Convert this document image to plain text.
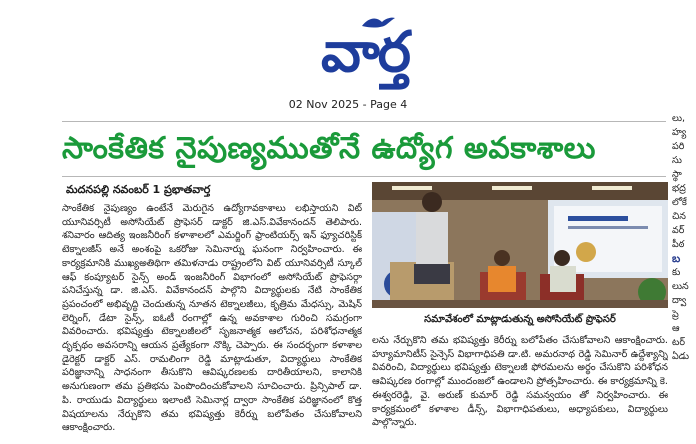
వార్త
02 Nov 2025 - Page 4
సాంకేతిక నైపుణ్యముతోనే ఉద్యోగ అవకాశాలు
మదనపల్లి నవంబర్ 1 ప్రభాతవార్త

సాంకేతిక నైపుణ్యం ఉంటేనే మెరుగైన ఉద్యోగావకాశాలు లభిస్తాయని విట్ యూనివర్సిటీ అసోసియేట్ ప్రొఫెసర్ డాక్టర్ జి.ఎస్.వివేకానందన్ తెలిపారు. శనివారం ఆదిత్య ఇంజనీరింగ్ కళాశాలలో ఎమర్జింగ్ ఫ్రాంటియర్స్ ఇన్ ఫ్యూచరిస్టిక్ టెక్నాలజీస్ అనే అంశంపై ఒకరోజు సెమినార్ను ఘనంగా నిర్వహించారు. ఈ కార్యక్రమానికి ముఖ్యఅతిథిగా తమిళనాడు రాష్ట్రంలోని విట్ యూనివర్సిటీ స్కూల్ ఆఫ్ కంప్యూటర్ సైన్స్ అండ్ ఇంజనీరింగ్ విభాగంలో అసోసియేట్ ప్రొఫెసర్గా పనిచేస్తున్న డా. జి.ఎస్. వివేకానందన్ పాల్గొని విద్యార్థులకు నేటి సాంకేతిక ప్రపంచంలో అభివృద్ధి చెందుతున్న నూతన టెక్నాలజీలు, కృత్రిమ మేధస్సు, మెషిన్ లెర్నింగ్, డేటా సైన్స్, ఐఓటీ రంగాల్లో ఉన్న అవకాశాల గురించి సమగ్రంగా వివరించారు. భవిష్యత్తు టెక్నాలజీలలో సృజనాత్మక ఆలోచన, పరిశోధనాత్మక దృక్పథం అవసరాన్ని ఆయన ప్రత్యేకంగా నొక్కి చెప్పారు. ఈ సందర్భంగా కళాశాల డైరెక్టర్ డాక్టర్ ఎస్. రామలింగా రెడ్డి మాట్లాడుతూ, విద్యార్థులు సాంకేతిక పరిజ్ఞానాన్ని సాధనంగా తీసుకొని ఆవిష్కరణలకు దారితీయాలని, కాలానికి అనుగుణంగా తమ ప్రతిభను పెంపొందించుకోవాలని సూచించారు. ప్రిన్సిపాల్ డా. పి. రాయుడు విద్యార్థులు ఇలాంటి సెమినార్ల ద్వారా సాంకేతిక పరిజ్ఞానంలో కొత్త విషయాలను నేర్చుకొని తమ భవిష్యత్తు కెరీర్ను బలోపేతం చేసుకోవాలని ఆకాంక్షించారు.

సమావేశంలో మాట్లాడుతున్న అసోసియేట్ ప్రొఫెసర్
లను నేర్చుకొని తమ భవిష్యత్తు కెరీర్ను బలోపేతం చేసుకోవాలని ఆకాంక్షించారు. హ్యూమానిటీస్ సైన్సెస్ విభాగాధిపతి డా.టి. అమరనాథ రెడ్డి సెమినార్ ఉద్దేశ్యాన్ని వివరించి, విద్యార్థులు భవిష్యత్తు టెక్నాలజీ ఫోరమలను అర్థం చేసుకొని పరిశోధన ఆవిష్కరణ రంగాల్లో ముందంజలో ఉండాలని ప్రోత్సహించారు. ఈ కార్యక్రమాన్ని కె. ఈశ్వరరెడ్డి, వై. అరుణ్ కుమార్ రెడ్డి సమన్వయం తో నిర్వహించారు. ఈ కార్యక్రమంలో కళాశాల డీన్స్, విభాగాధిపతులు, అధ్యాపకులు, విద్యార్థులు పాల్గొన్నారు.
లు,
హ్య
పరి
సు
స్థా
భద్ర
లోకే
చిన
వర్
పీఠ
బ
కు
లున
ద్వా
ప్రె
ఆ
టర్
ఏడు
